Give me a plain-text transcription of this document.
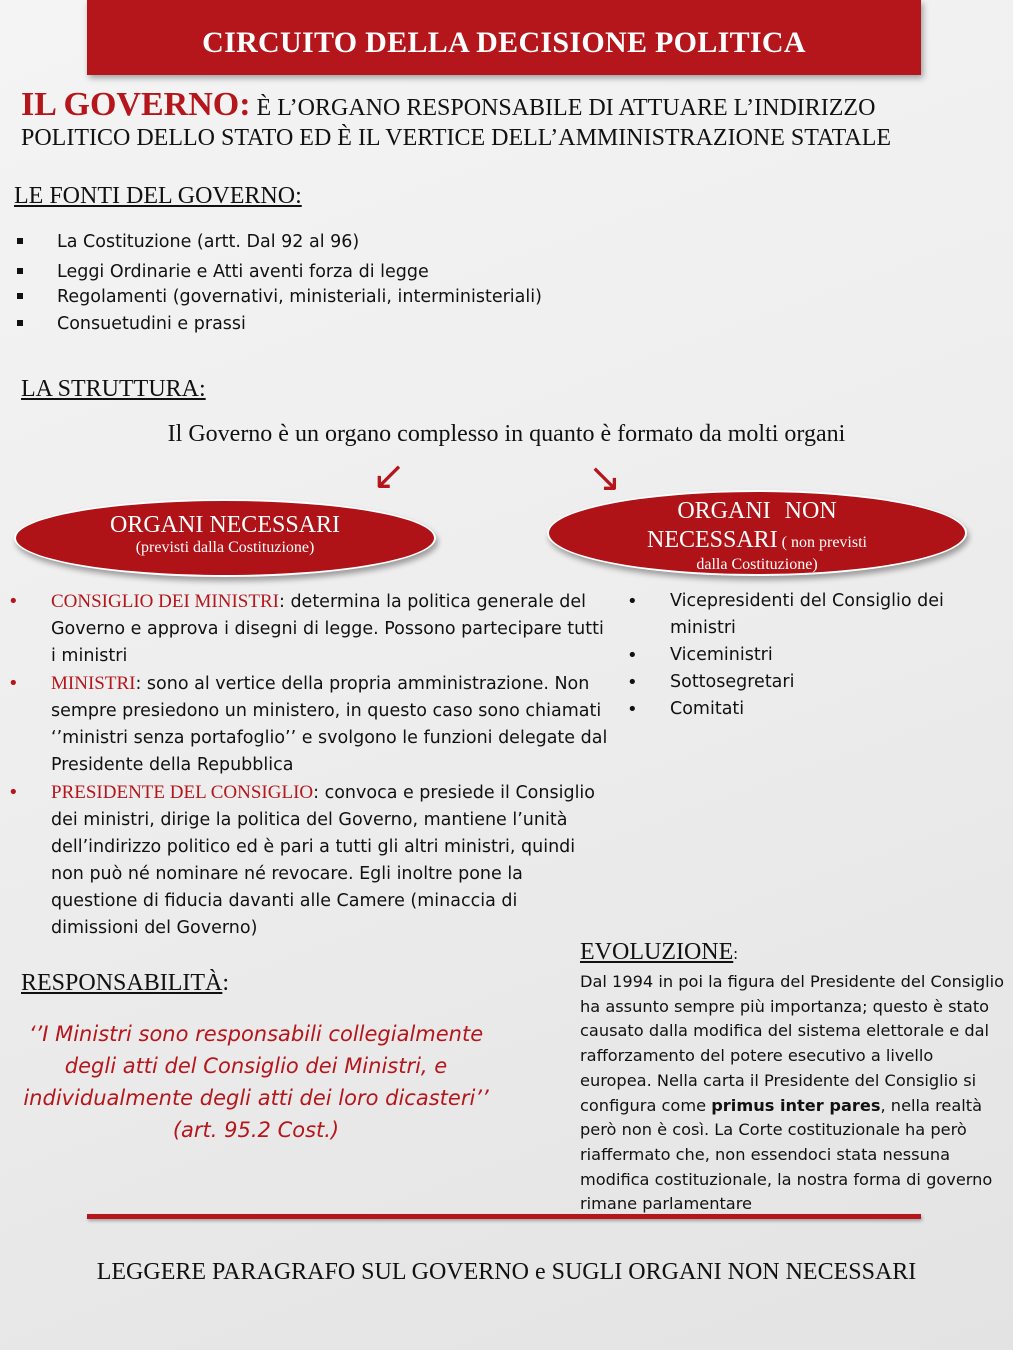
CIRCUITO DELLA DECISIONE POLITICA
IL GOVERNO: È L’ORGANO RESPONSABILE DI ATTUARE L’INDIRIZZO
POLITICO DELLO STATO ED È IL VERTICE DELL’AMMINISTRAZIONE STATALE
LE FONTI DEL GOVERNO:
La Costituzione (artt. Dal 92 al 96)
Leggi Ordinarie e Atti aventi forza di legge
Regolamenti (governativi, ministeriali, interministeriali)
Consuetudini e prassi
LA STRUTTURA:
Il Governo è un organo complesso in quanto è formato da molti organi
↙	↘
ORGANI NECESSARI
(previsti dalla Costituzione)
ORGANI NON
NECESSARI ( non previsti
dalla Costituzione)
• CONSIGLIO DEI MINISTRI: determina la politica generale del Governo e approva i disegni di legge. Possono partecipare tutti i ministri
• MINISTRI: sono al vertice della propria amministrazione. Non sempre presiedono un ministero, in questo caso sono chiamati ‘’ministri senza portafoglio’’ e svolgono le funzioni delegate dal Presidente della Repubblica
• PRESIDENTE DEL CONSIGLIO: convoca e presiede il Consiglio dei ministri, dirige la politica del Governo, mantiene l’unità dell’indirizzo politico ed è pari a tutti gli altri ministri, quindi non può né nominare né revocare. Egli inoltre pone la questione di fiducia davanti alle Camere (minaccia di dimissioni del Governo)
• Vicepresidenti del Consiglio dei ministri
• Viceministri
• Sottosegretari
• Comitati
EVOLUZIONE:
Dal 1994 in poi la figura del Presidente del Consiglio ha assunto sempre più importanza; questo è stato causato dalla modifica del sistema elettorale e dal rafforzamento del potere esecutivo a livello europea. Nella carta il Presidente del Consiglio si configura come primus inter pares, nella realtà però non è così. La Corte costituzionale ha però riaffermato che, non essendoci stata nessuna modifica costituzionale, la nostra forma di governo rimane parlamentare
RESPONSABILITÀ:
‘’I Ministri sono responsabili collegialmente
degli atti del Consiglio dei Ministri, e
individualmente degli atti dei loro dicasteri’’
(art. 95.2 Cost.)
LEGGERE PARAGRAFO SUL GOVERNO e SUGLI ORGANI NON NECESSARI
